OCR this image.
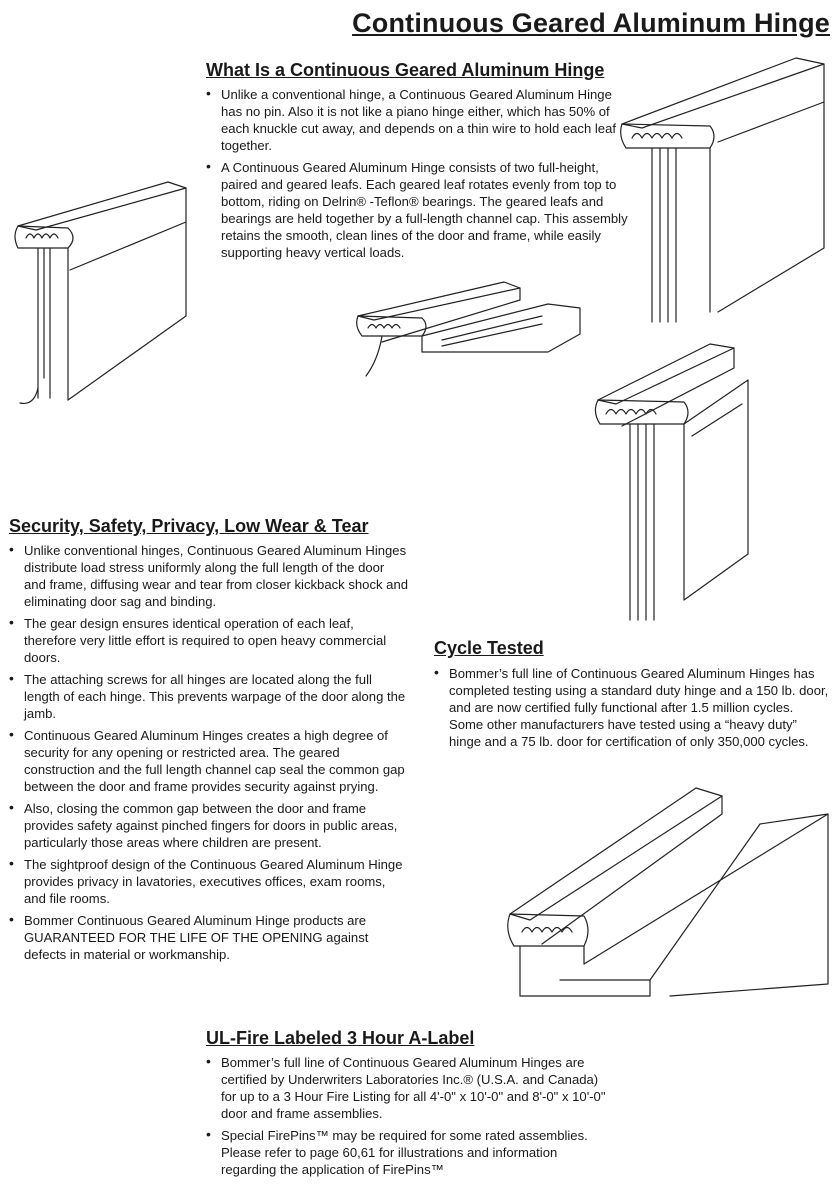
Continuous Geared Aluminum Hinge
What Is a Continuous Geared Aluminum Hinge
• Unlike a conventional hinge, a Continuous Geared Aluminum Hinge has no pin. Also it is not like a piano hinge either, which has 50% of each knuckle cut away, and depends on a thin wire to hold each leaf together.
• A Continuous Geared Aluminum Hinge consists of two full-height, paired and geared leafs. Each geared leaf rotates evenly from top to bottom, riding on Delrin® -Teflon® bearings. The geared leafs and bearings are held together by a full-length channel cap. This assembly retains the smooth, clean lines of the door and frame, while easily supporting heavy vertical loads.
Security, Safety, Privacy, Low Wear & Tear
• Unlike conventional hinges, Continuous Geared Aluminum Hinges distribute load stress uniformly along the full length of the door and frame, diffusing wear and tear from closer kickback shock and eliminating door sag and binding.
• The gear design ensures identical operation of each leaf, therefore very little effort is required to open heavy commercial doors.
• The attaching screws for all hinges are located along the full length of each hinge. This prevents warpage of the door along the jamb.
• Continuous Geared Aluminum Hinges creates a high degree of security for any opening or restricted area. The geared construction and the full length channel cap seal the common gap between the door and frame provides security against prying.
• Also, closing the common gap between the door and frame provides safety against pinched fingers for doors in public areas, particularly those areas where children are present.
• The sightproof design of the Continuous Geared Aluminum Hinge provides privacy in lavatories, executives offices, exam rooms, and file rooms.
• Bommer Continuous Geared Aluminum Hinge products are GUARANTEED FOR THE LIFE OF THE OPENING against defects in material or workmanship.
Cycle Tested
• Bommer’s full line of Continuous Geared Aluminum Hinges has completed testing using a standard duty hinge and a 150 lb. door, and are now certified fully functional after 1.5 million cycles. Some other manufacturers have tested using a “heavy duty” hinge and a 75 lb. door for certification of only 350,000 cycles.
UL-Fire Labeled 3 Hour A-Label
• Bommer’s full line of Continuous Geared Aluminum Hinges are certified by Underwriters Laboratories Inc.® (U.S.A. and Canada) for up to a 3 Hour Fire Listing for all 4'-0" x 10'-0" and 8'-0" x 10'-0" door and frame assemblies.
• Special FirePins™ may be required for some rated assemblies. Please refer to page 60,61 for illustrations and information regarding the application of FirePins™
